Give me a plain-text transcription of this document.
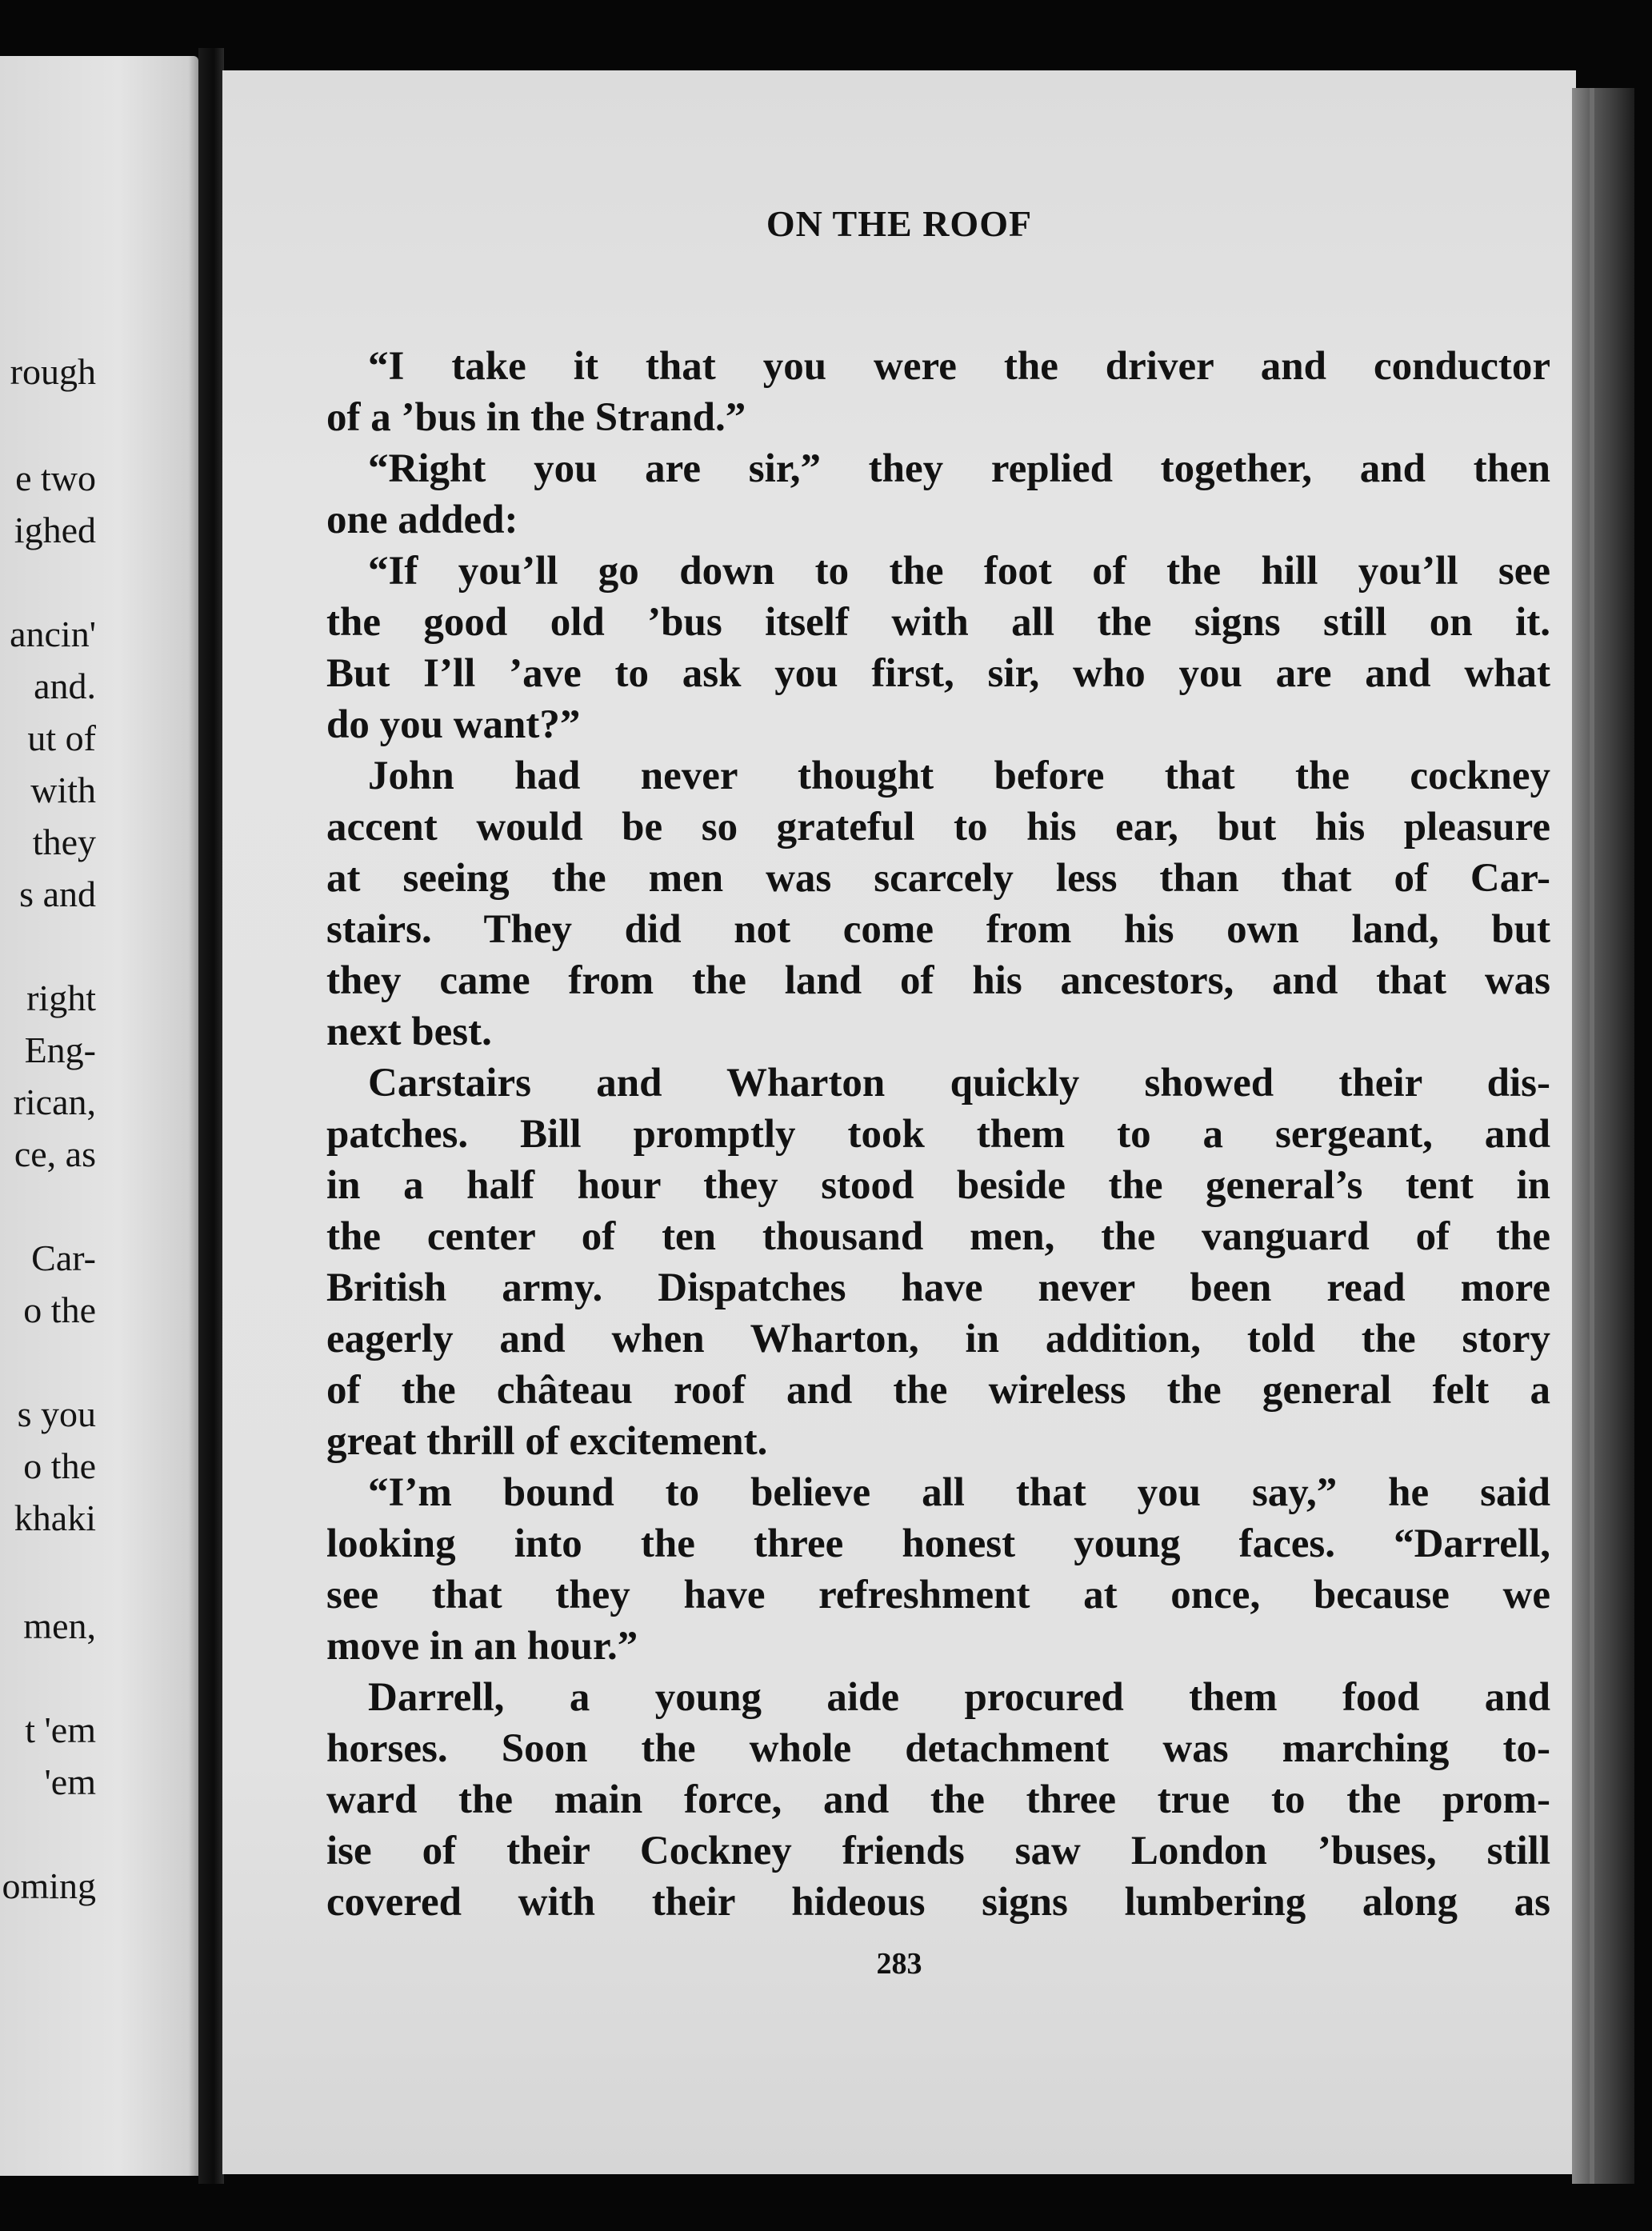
rough
e two
ighed
ancin'
and.
ut of
with
they
s and
right
Eng-
rican,
ce, as
Car-
o the
s you
o the
khaki
men,
t 'em
'em
oming
ON THE ROOF
“I take it that you were the driver and conductor
of a ’bus in the Strand.”
“Right you are sir,” they replied together, and then
one added:
“If you’ll go down to the foot of the hill you’ll see
the good old ’bus itself with all the signs still on it.
But I’ll ’ave to ask you first, sir, who you are and what
do you want?”
John had never thought before that the cockney
accent would be so grateful to his ear, but his pleasure
at seeing the men was scarcely less than that of Car-
stairs. They did not come from his own land, but
they came from the land of his ancestors, and that was
next best.
Carstairs and Wharton quickly showed their dis-
patches. Bill promptly took them to a sergeant, and
in a half hour they stood beside the general’s tent in
the center of ten thousand men, the vanguard of the
British army. Dispatches have never been read more
eagerly and when Wharton, in addition, told the story
of the château roof and the wireless the general felt a
great thrill of excitement.
“I’m bound to believe all that you say,” he said
looking into the three honest young faces. “Darrell,
see that they have refreshment at once, because we
move in an hour.”
Darrell, a young aide procured them food and
horses. Soon the whole detachment was marching to-
ward the main force, and the three true to the prom-
ise of their Cockney friends saw London ’buses, still
covered with their hideous signs lumbering along as
283
